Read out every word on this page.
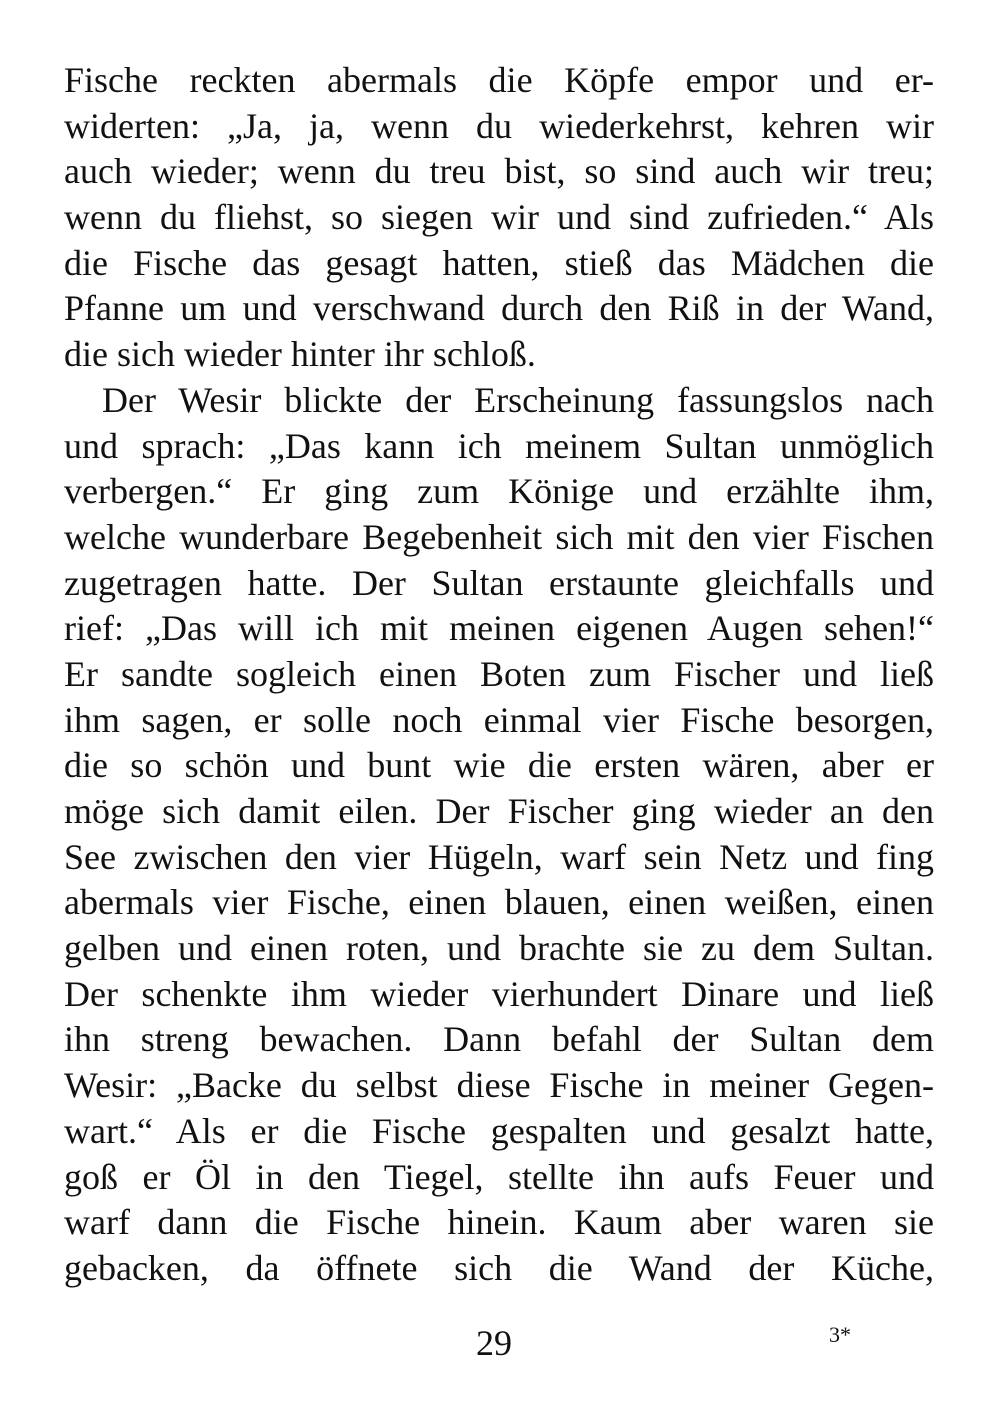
Fische reckten abermals die Köpfe empor und er-
widerten: „Ja, ja, wenn du wiederkehrst, kehren wir
auch wieder; wenn du treu bist, so sind auch wir treu;
wenn du fliehst, so siegen wir und sind zufrieden.“ Als
die Fische das gesagt hatten, stieß das Mädchen die
Pfanne um und verschwand durch den Riß in der Wand,
die sich wieder hinter ihr schloß.
Der Wesir blickte der Erscheinung fassungslos nach
und sprach: „Das kann ich meinem Sultan unmöglich
verbergen.“ Er ging zum Könige und erzählte ihm,
welche wunderbare Begebenheit sich mit den vier Fischen
zugetragen hatte. Der Sultan erstaunte gleichfalls und
rief: „Das will ich mit meinen eigenen Augen sehen!“
Er sandte sogleich einen Boten zum Fischer und ließ
ihm sagen, er solle noch einmal vier Fische besorgen,
die so schön und bunt wie die ersten wären, aber er
möge sich damit eilen. Der Fischer ging wieder an den
See zwischen den vier Hügeln, warf sein Netz und fing
abermals vier Fische, einen blauen, einen weißen, einen
gelben und einen roten, und brachte sie zu dem Sultan.
Der schenkte ihm wieder vierhundert Dinare und ließ
ihn streng bewachen. Dann befahl der Sultan dem
Wesir: „Backe du selbst diese Fische in meiner Gegen-
wart.“ Als er die Fische gespalten und gesalzt hatte,
goß er Öl in den Tiegel, stellte ihn aufs Feuer und
warf dann die Fische hinein. Kaum aber waren sie
gebacken, da öffnete sich die Wand der Küche,
29	3*
